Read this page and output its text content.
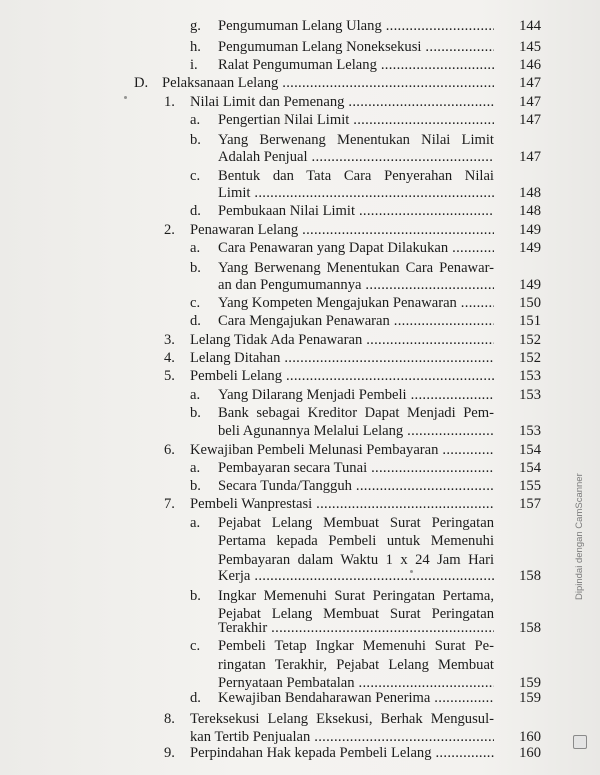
g. Pengumuman Lelang Ulang .....	144
h. Pengumuman Lelang Noneksekusi .....	145
i. Ralat Pengumuman Lelang .....	146
D. Pelaksanaan Lelang .....	147
1. Nilai Limit dan Pemenang .....	147
a. Pengertian Nilai Limit .....	147
b. Yang Berwenang Menentukan Nilai Limit
Adalah Penjual .....	147
c. Bentuk dan Tata Cara Penyerahan Nilai
Limit .....	148
d. Pembukaan Nilai Limit .....	148
2. Penawaran Lelang .....	149
a. Cara Penawaran yang Dapat Dilakukan .....	149
b. Yang Berwenang Menentukan Cara Penawar-
an dan Pengumumannya .....	149
c. Yang Kompeten Mengajukan Penawaran .....	150
d. Cara Mengajukan Penawaran .....	151
3. Lelang Tidak Ada Penawaran .....	152
4. Lelang Ditahan .....	152
5. Pembeli Lelang .....	153
a. Yang Dilarang Menjadi Pembeli .....	153
b. Bank sebagai Kreditor Dapat Menjadi Pem-
beli Agunannya Melalui Lelang .....	153
6. Kewajiban Pembeli Melunasi Pembayaran .....	154
a. Pembayaran secara Tunai .....	154
b. Secara Tunda/Tangguh .....	155
7. Pembeli Wanprestasi .....	157
a. Pejabat Lelang Membuat Surat Peringatan
Pertama kepada Pembeli untuk Memenuhi
Pembayaran dalam Waktu 1 x 24 Jam Hari
Kerja .....	158
b. Ingkar Memenuhi Surat Peringatan Pertama,
Pejabat Lelang Membuat Surat Peringatan
Terakhir .....	158
c. Pembeli Tetap Ingkar Memenuhi Surat Pe-
ringatan Terakhir, Pejabat Lelang Membuat
Pernyataan Pembatalan .....	159
d. Kewajiban Bendaharawan Penerima .....	159
8. Tereksekusi Lelang Eksekusi, Berhak Mengusul-
kan Tertib Penjualan .....	160
9. Perpindahan Hak kepada Pembeli Lelang .....	160
Dipindai dengan CamScanner
